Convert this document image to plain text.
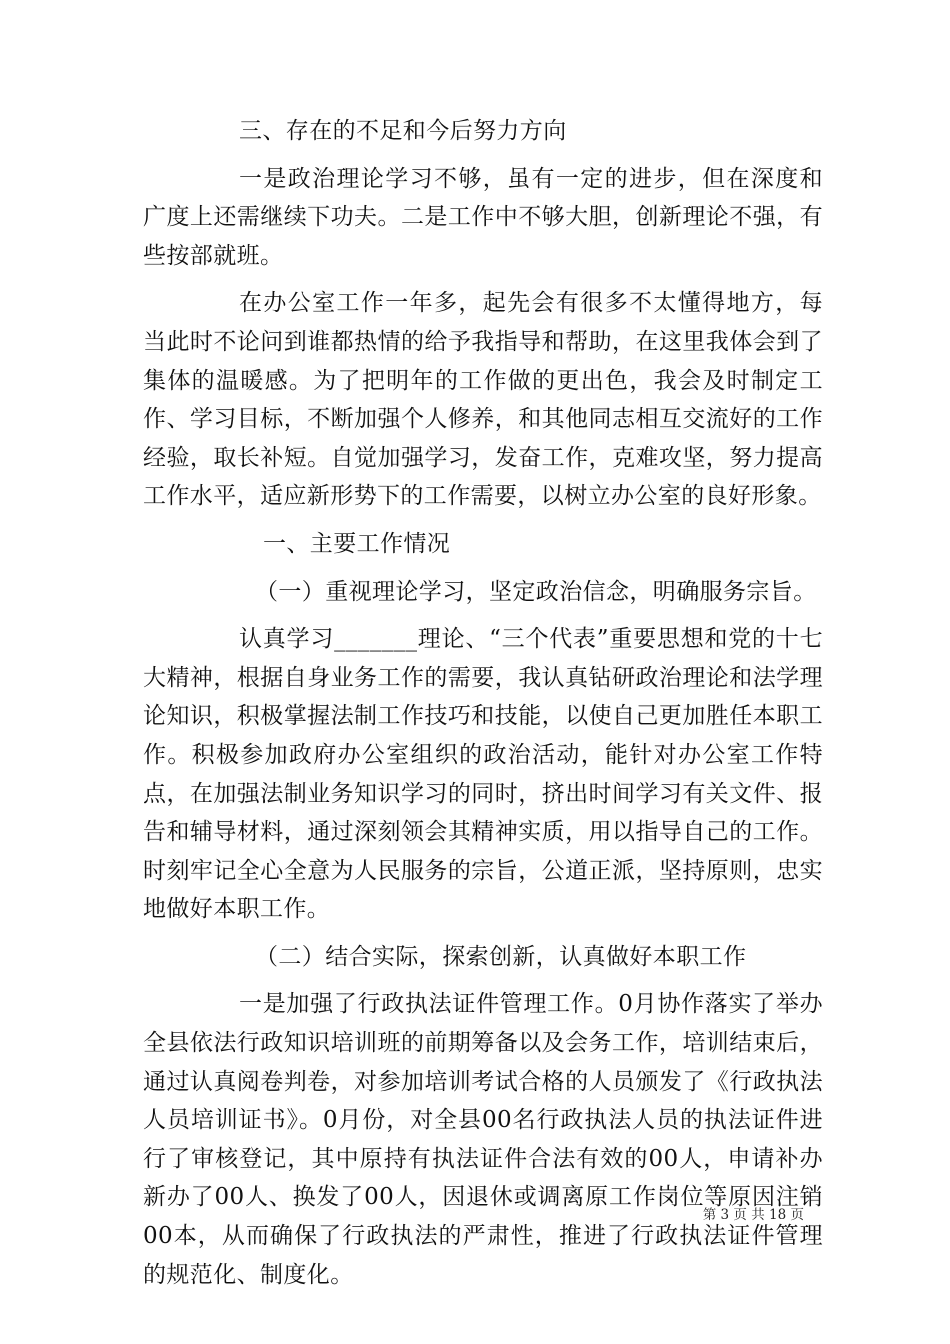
三、存在的不足和今后努力方向

一是政治理论学习不够，虽有一定的进步，但在深度和广度上还需继续下功夫。二是工作中不够大胆，创新理论不强，有些按部就班。

在办公室工作一年多，起先会有很多不太懂得地方，每当此时不论问到谁都热情的给予我指导和帮助，在这里我体会到了集体的温暖感。为了把明年的工作做的更出色，我会及时制定工作、学习目标，不断加强个人修养，和其他同志相互交流好的工作经验，取长补短。自觉加强学习，发奋工作，克难攻坚，努力提高工作水平，适应新形势下的工作需要，以树立办公室的良好形象。

一、主要工作情况

（一）重视理论学习，坚定政治信念，明确服务宗旨。

认真学习_______理论、“三个代表”重要思想和党的十七大精神，根据自身业务工作的需要，我认真钻研政治理论和法学理论知识，积极掌握法制工作技巧和技能，以使自己更加胜任本职工作。积极参加政府办公室组织的政治活动，能针对办公室工作特点，在加强法制业务知识学习的同时，挤出时间学习有关文件、报告和辅导材料，通过深刻领会其精神实质，用以指导自己的工作。时刻牢记全心全意为人民服务的宗旨，公道正派，坚持原则，忠实地做好本职工作。

（二）结合实际，探索创新，认真做好本职工作

一是加强了行政执法证件管理工作。0月协作落实了举办全县依法行政知识培训班的前期筹备以及会务工作，培训结束后，通过认真阅卷判卷，对参加培训考试合格的人员颁发了《行政执法人员培训证书》。0月份，对全县00名行政执法人员的执法证件进行了审核登记，其中原持有执法证件合法有效的00人，申请补办新办了00人、换发了00人，因退休或调离原工作岗位等原因注销00本，从而确保了行政执法的严肃性，推进了行政执法证件管理的规范化、制度化。

第 3 页 共 18 页
